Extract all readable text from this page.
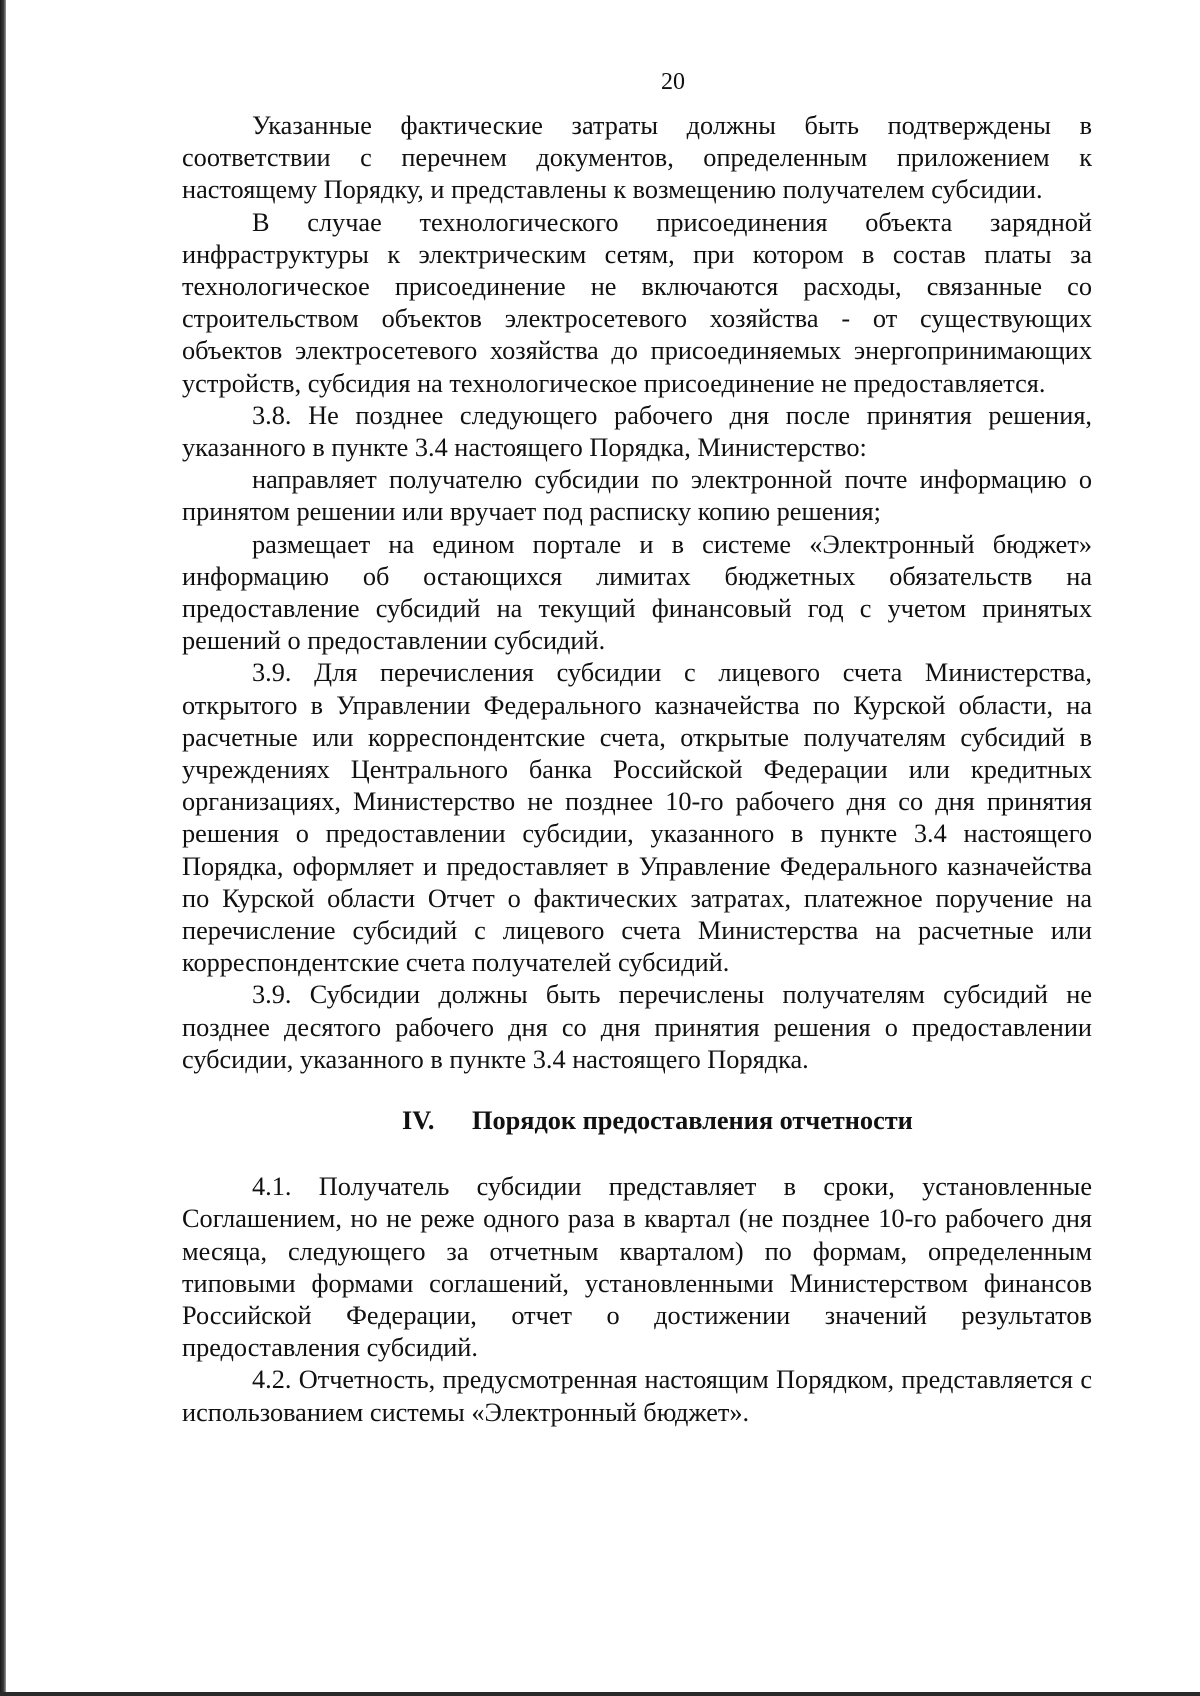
20

Указанные фактические затраты должны быть подтверждены в соответствии с перечнем документов, определенным приложением к настоящему Порядку, и представлены к возмещению получателем субсидии.

В случае технологического присоединения объекта зарядной инфраструктуры к электрическим сетям, при котором в состав платы за технологическое присоединение не включаются расходы, связанные со строительством объектов электросетевого хозяйства - от существующих объектов электросетевого хозяйства до присоединяемых энергопринимающих устройств, субсидия на технологическое присоединение не предоставляется.

3.8. Не позднее следующего рабочего дня после принятия решения, указанного в пункте 3.4 настоящего Порядка, Министерство:

направляет получателю субсидии по электронной почте информацию о принятом решении или вручает под расписку копию решения;

размещает на едином портале и в системе «Электронный бюджет» информацию об остающихся лимитах бюджетных обязательств на предоставление субсидий на текущий финансовый год с учетом принятых решений о предоставлении субсидий.

3.9. Для перечисления субсидии с лицевого счета Министерства, открытого в Управлении Федерального казначейства по Курской области, на расчетные или корреспондентские счета, открытые получателям субсидий в учреждениях Центрального банка Российской Федерации или кредитных организациях, Министерство не позднее 10-го рабочего дня со дня принятия решения о предоставлении субсидии, указанного в пункте 3.4 настоящего Порядка, оформляет и предоставляет в Управление Федерального казначейства по Курской области Отчет о фактических затратах, платежное поручение на перечисление субсидий с лицевого счета Министерства на расчетные или корреспондентские счета получателей субсидий.

3.9. Субсидии должны быть перечислены получателям субсидий не позднее десятого рабочего дня со дня принятия решения о предоставлении субсидии, указанного в пункте 3.4 настоящего Порядка.

IV. Порядок предоставления отчетности

4.1. Получатель субсидии представляет в сроки, установленные Соглашением, но не реже одного раза в квартал (не позднее 10-го рабочего дня месяца, следующего за отчетным кварталом) по формам, определенным типовыми формами соглашений, установленными Министерством финансов Российской Федерации, отчет о достижении значений результатов предоставления субсидий.

4.2. Отчетность, предусмотренная настоящим Порядком, представляется с использованием системы «Электронный бюджет».
